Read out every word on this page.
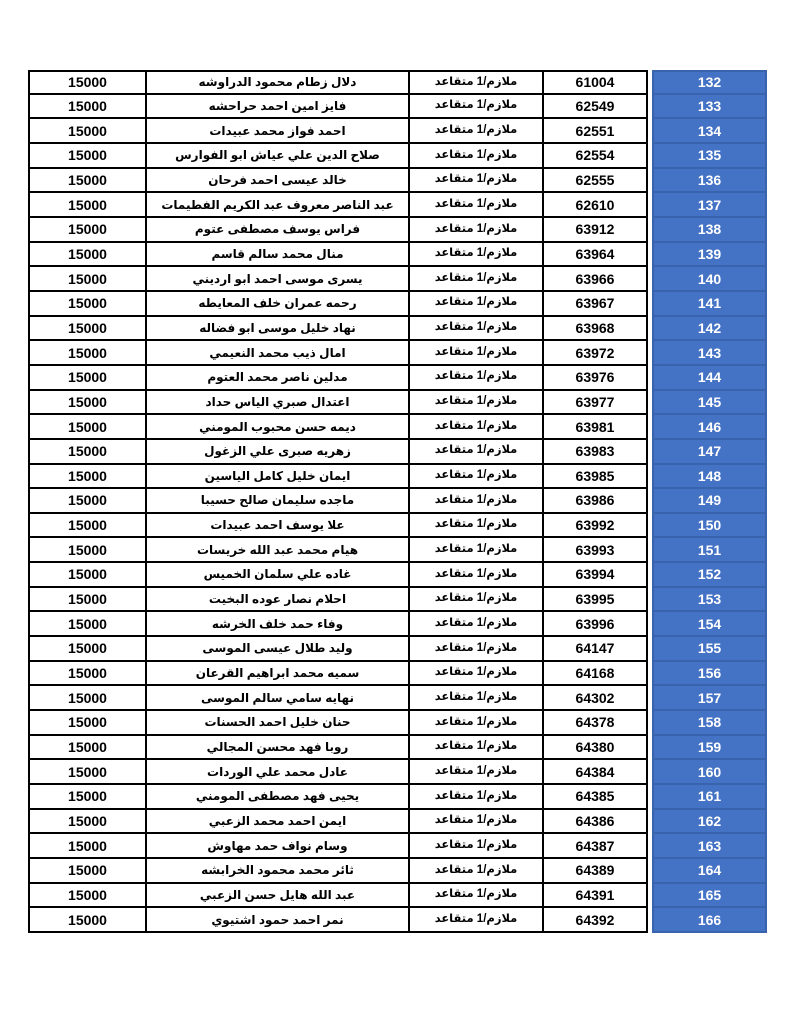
15000	دلال زطام محمود الدراوشه	ملازم/1 متقاعد	61004	132
15000	فايز امين احمد حراحشه	ملازم/1 متقاعد	62549	133
15000	احمد فواز محمد عبيدات	ملازم/1 متقاعد	62551	134
15000	صلاح الدين علي عياش ابو الفوارس	ملازم/1 متقاعد	62554	135
15000	خالد عيسى احمد فرحان	ملازم/1 متقاعد	62555	136
15000	عبد الناصر معروف عبد الكريم الفطيمات	ملازم/1 متقاعد	62610	137
15000	فراس يوسف مصطفى عتوم	ملازم/1 متقاعد	63912	138
15000	منال محمد سالم قاسم	ملازم/1 متقاعد	63964	139
15000	يسرى موسى احمد ابو ارديني	ملازم/1 متقاعد	63966	140
15000	رحمه عمران خلف المعايطه	ملازم/1 متقاعد	63967	141
15000	نهاد خليل موسى ابو فضاله	ملازم/1 متقاعد	63968	142
15000	امال ذيب محمد النعيمي	ملازم/1 متقاعد	63972	143
15000	مدلين ناصر محمد العتوم	ملازم/1 متقاعد	63976	144
15000	اعتدال صبري الياس حداد	ملازم/1 متقاعد	63977	145
15000	ديمه حسن محبوب المومني	ملازم/1 متقاعد	63981	146
15000	زهريه صبرى علي الزغول	ملازم/1 متقاعد	63983	147
15000	ايمان خليل كامل الياسين	ملازم/1 متقاعد	63985	148
15000	ماجده سليمان صالح حسيبا	ملازم/1 متقاعد	63986	149
15000	علا يوسف احمد عبيدات	ملازم/1 متقاعد	63992	150
15000	هيام محمد عبد الله خريسات	ملازم/1 متقاعد	63993	151
15000	غاده علي سلمان الخميس	ملازم/1 متقاعد	63994	152
15000	احلام نصار عوده البخيت	ملازم/1 متقاعد	63995	153
15000	وفاء حمد خلف الخرشه	ملازم/1 متقاعد	63996	154
15000	وليد طلال عيسى الموسى	ملازم/1 متقاعد	64147	155
15000	سميه محمد ابراهيم القرعان	ملازم/1 متقاعد	64168	156
15000	نهايه سامي سالم الموسى	ملازم/1 متقاعد	64302	157
15000	حنان خليل احمد الحسنات	ملازم/1 متقاعد	64378	158
15000	روبا فهد محسن المجالي	ملازم/1 متقاعد	64380	159
15000	عادل محمد علي الوردات	ملازم/1 متقاعد	64384	160
15000	يحيى فهد مصطفى المومني	ملازم/1 متقاعد	64385	161
15000	ايمن احمد محمد الزعبي	ملازم/1 متقاعد	64386	162
15000	وسام نواف حمد مهاوش	ملازم/1 متقاعد	64387	163
15000	ثائر محمد محمود الخرابشه	ملازم/1 متقاعد	64389	164
15000	عبد الله هايل حسن الزعبي	ملازم/1 متقاعد	64391	165
15000	نمر احمد حمود اشتيوي	ملازم/1 متقاعد	64392	166
